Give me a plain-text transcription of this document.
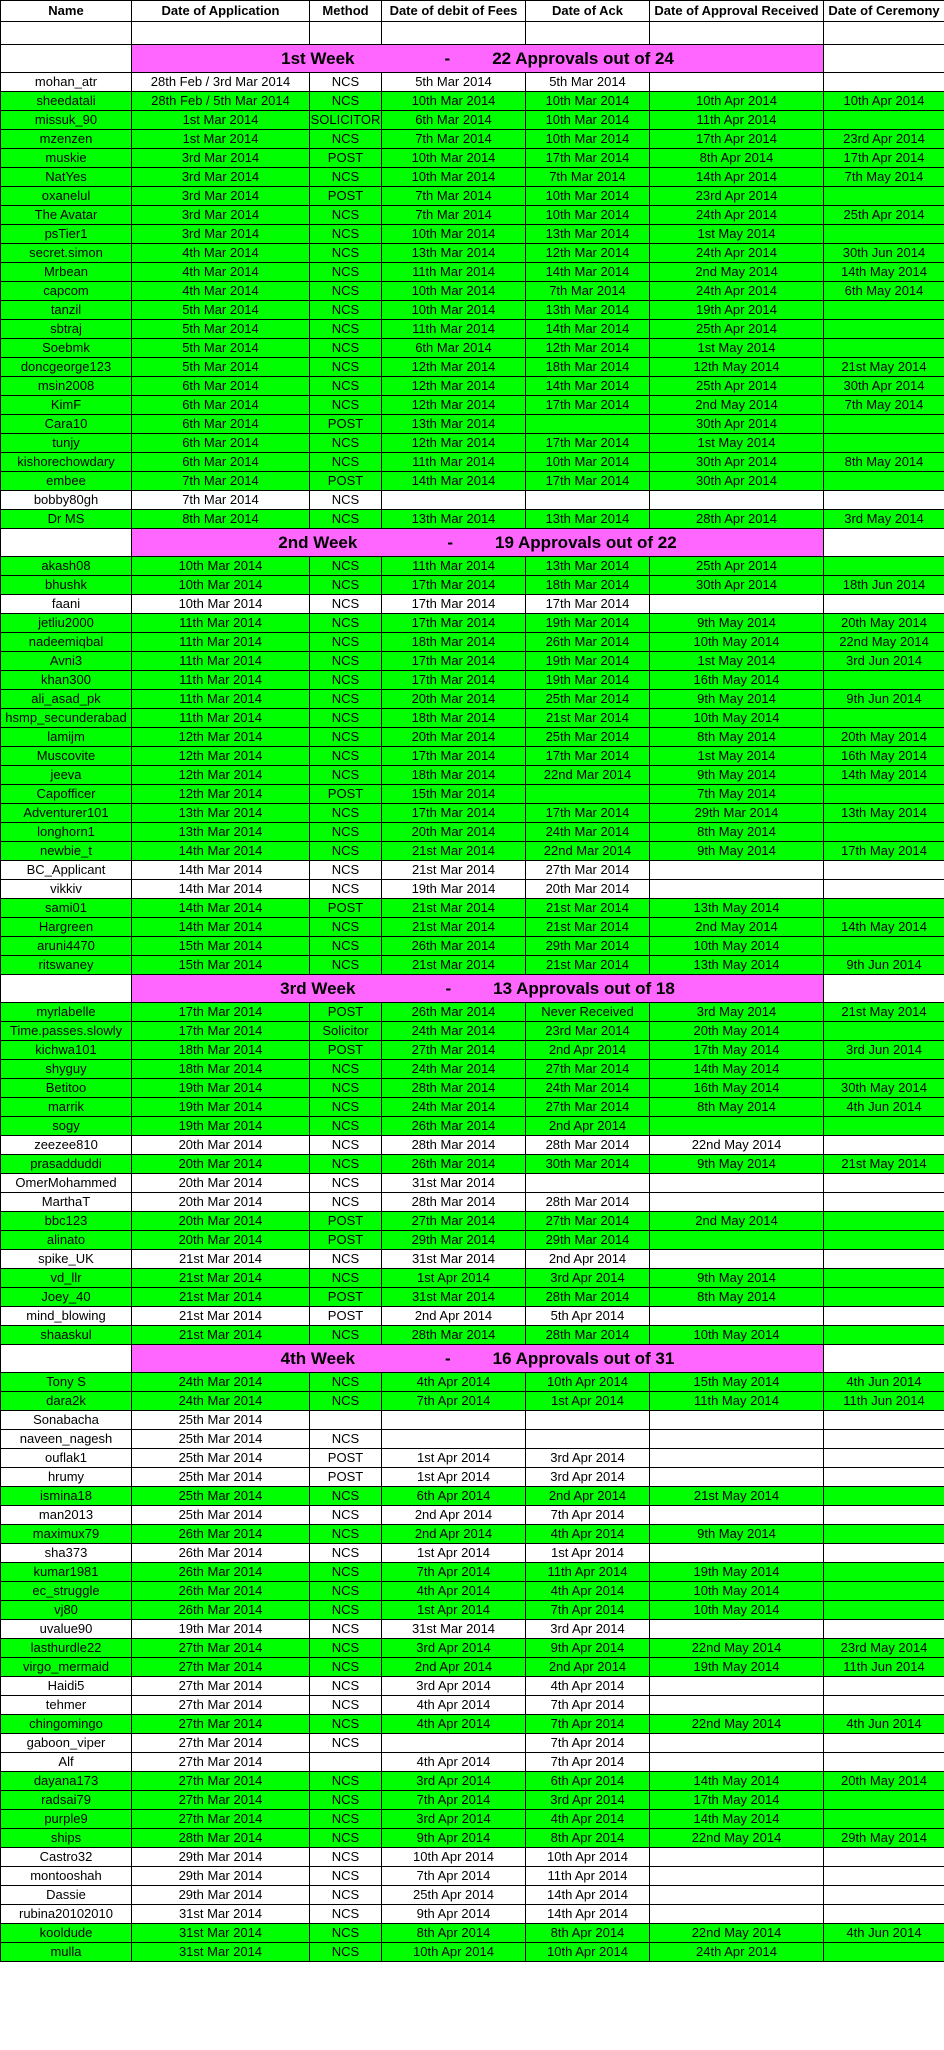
Name	Date of Application	Method	Date of debit of Fees	Date of Ack	Date of Approval Received	Date of Ceremony

	1st Week - 22 Approvals out of 24					
mohan_atr	28th Feb / 3rd Mar 2014	NCS	5th Mar 2014	5th Mar 2014		
sheedatali	28th Feb / 5th Mar 2014	NCS	10th Mar 2014	10th Mar 2014	10th Apr 2014	10th Apr 2014
missuk_90	1st Mar 2014	SOLICITOR	6th Mar 2014	10th Mar 2014	11th Apr 2014	
mzenzen	1st Mar 2014	NCS	7th Mar 2014	10th Mar 2014	17th Apr 2014	23rd Apr 2014
muskie	3rd Mar 2014	POST	10th Mar 2014	17th Mar 2014	8th Apr 2014	17th Apr 2014
NatYes	3rd Mar 2014	NCS	10th Mar 2014	7th Mar 2014	14th Apr 2014	7th May 2014
oxanelul	3rd Mar 2014	POST	7th Mar 2014	10th Mar 2014	23rd Apr 2014	
The Avatar	3rd Mar 2014	NCS	7th Mar 2014	10th Mar 2014	24th Apr 2014	25th Apr 2014
psTier1	3rd Mar 2014	NCS	10th Mar 2014	13th Mar 2014	1st May 2014	
secret.simon	4th Mar 2014	NCS	13th Mar 2014	12th Mar 2014	24th Apr 2014	30th Jun 2014
Mrbean	4th Mar 2014	NCS	11th Mar 2014	14th Mar 2014	2nd May 2014	14th May 2014
capcom	4th Mar 2014	NCS	10th Mar 2014	7th Mar 2014	24th Apr 2014	6th May 2014
tanzil	5th Mar 2014	NCS	10th Mar 2014	13th Mar 2014	19th Apr 2014	
sbtraj	5th Mar 2014	NCS	11th Mar 2014	14th Mar 2014	25th Apr 2014	
Soebmk	5th Mar 2014	NCS	6th Mar 2014	12th Mar 2014	1st May 2014	
doncgeorge123	5th Mar 2014	NCS	12th Mar 2014	18th Mar 2014	12th May 2014	21st May 2014
msin2008	6th Mar 2014	NCS	12th Mar 2014	14th Mar 2014	25th Apr 2014	30th Apr 2014
KimF	6th Mar 2014	NCS	12th Mar 2014	17th Mar 2014	2nd May 2014	7th May 2014
Cara10	6th Mar 2014	POST	13th Mar 2014		30th Apr 2014	
tunjy	6th Mar 2014	NCS	12th Mar 2014	17th Mar 2014	1st May 2014	
kishorechowdary	6th Mar 2014	NCS	11th Mar 2014	10th Mar 2014	30th Apr 2014	8th May 2014
embee	7th Mar 2014	POST	14th Mar 2014	17th Mar 2014	30th Apr 2014	
bobby80gh	7th Mar 2014	NCS				
Dr MS	8th Mar 2014	NCS	13th Mar 2014	13th Mar 2014	28th Apr 2014	3rd May 2014
	2nd Week - 19 Approvals out of 22					
akash08	10th Mar 2014	NCS	11th Mar 2014	13th Mar 2014	25th Apr 2014	
bhushk	10th Mar 2014	NCS	17th Mar 2014	18th Mar 2014	30th Apr 2014	18th Jun 2014
faani	10th Mar 2014	NCS	17th Mar 2014	17th Mar 2014		
jetliu2000	11th Mar 2014	NCS	17th Mar 2014	19th Mar 2014	9th May 2014	20th May 2014
nadeemiqbal	11th Mar 2014	NCS	18th Mar 2014	26th Mar 2014	10th May 2014	22nd May 2014
Avni3	11th Mar 2014	NCS	17th Mar 2014	19th Mar 2014	1st May 2014	3rd Jun 2014
khan300	11th Mar 2014	NCS	17th Mar 2014	19th Mar 2014	16th May 2014	
ali_asad_pk	11th Mar 2014	NCS	20th Mar 2014	25th Mar 2014	9th May 2014	9th Jun 2014
hsmp_secunderabad	11th Mar 2014	NCS	18th Mar 2014	21st Mar 2014	10th May 2014	
lamijm	12th Mar 2014	NCS	20th Mar 2014	25th Mar 2014	8th May 2014	20th May 2014
Muscovite	12th Mar 2014	NCS	17th Mar 2014	17th Mar 2014	1st May 2014	16th May 2014
jeeva	12th Mar 2014	NCS	18th Mar 2014	22nd Mar 2014	9th May 2014	14th May 2014
Capofficer	12th Mar 2014	POST	15th Mar 2014		7th May 2014	
Adventurer101	13th Mar 2014	NCS	17th Mar 2014	17th Mar 2014	29th Mar 2014	13th May 2014
longhorn1	13th Mar 2014	NCS	20th Mar 2014	24th Mar 2014	8th May 2014	
newbie_t	14th Mar 2014	NCS	21st Mar 2014	22nd Mar 2014	9th May 2014	17th May 2014
BC_Applicant	14th Mar 2014	NCS	21st Mar 2014	27th Mar 2014		
vikkiv	14th Mar 2014	NCS	19th Mar 2014	20th Mar 2014		
sami01	14th Mar 2014	POST	21st Mar 2014	21st Mar 2014	13th May 2014	
Hargreen	14th Mar 2014	NCS	21st Mar 2014	21st Mar 2014	2nd May 2014	14th May 2014
aruni4470	15th Mar 2014	NCS	26th Mar 2014	29th Mar 2014	10th May 2014	
ritswaney	15th Mar 2014	NCS	21st Mar 2014	21st Mar 2014	13th May 2014	9th Jun 2014
	3rd Week - 13 Approvals out of 18					
myrlabelle	17th Mar 2014	POST	26th Mar 2014	Never Received	3rd May 2014	21st May 2014
Time.passes.slowly	17th Mar 2014	Solicitor	24th Mar 2014	23rd Mar 2014	20th May 2014	
kichwa101	18th Mar 2014	POST	27th Mar 2014	2nd Apr 2014	17th May 2014	3rd Jun 2014
shyguy	18th Mar 2014	NCS	24th Mar 2014	27th Mar 2014	14th May 2014	
Betitoo	19th Mar 2014	NCS	28th Mar 2014	24th Mar 2014	16th May 2014	30th May 2014
marrik	19th Mar 2014	NCS	24th Mar 2014	27th Mar 2014	8th May 2014	4th Jun 2014
sogy	19th Mar 2014	NCS	26th Mar 2014	2nd Apr 2014		
zeezee810	20th Mar 2014	NCS	28th Mar 2014	28th Mar 2014	22nd May 2014	
prasadduddi	20th Mar 2014	NCS	26th Mar 2014	30th Mar 2014	9th May 2014	21st May 2014
OmerMohammed	20th Mar 2014	NCS	31st Mar 2014			
MarthaT	20th Mar 2014	NCS	28th Mar 2014	28th Mar 2014		
bbc123	20th Mar 2014	POST	27th Mar 2014	27th Mar 2014	2nd May 2014	
alinato	20th Mar 2014	POST	29th Mar 2014	29th Mar 2014		
spike_UK	21st Mar 2014	NCS	31st Mar 2014	2nd Apr 2014		
vd_llr	21st Mar 2014	NCS	1st Apr 2014	3rd Apr 2014	9th May 2014	
Joey_40	21st Mar 2014	POST	31st Mar 2014	28th Mar 2014	8th May 2014	
mind_blowing	21st Mar 2014	POST	2nd Apr 2014	5th Apr 2014		
shaaskul	21st Mar 2014	NCS	28th Mar 2014	28th Mar 2014	10th May 2014	
	4th Week - 16 Approvals out of 31					
Tony S	24th Mar 2014	NCS	4th Apr 2014	10th Apr 2014	15th May 2014	4th Jun 2014
dara2k	24th Mar 2014	NCS	7th Apr 2014	1st Apr 2014	11th May 2014	11th Jun 2014
Sonabacha	25th Mar 2014					
naveen_nagesh	25th Mar 2014	NCS				
ouflak1	25th Mar 2014	POST	1st Apr 2014	3rd Apr 2014		
hrumy	25th Mar 2014	POST	1st Apr 2014	3rd Apr 2014		
ismina18	25th Mar 2014	NCS	6th Apr 2014	2nd Apr 2014	21st May 2014	
man2013	25th Mar 2014	NCS	2nd Apr 2014	7th Apr 2014		
maximux79	26th Mar 2014	NCS	2nd Apr 2014	4th Apr 2014	9th May 2014	
sha373	26th Mar 2014	NCS	1st Apr 2014	1st Apr 2014		
kumar1981	26th Mar 2014	NCS	7th Apr 2014	11th Apr 2014	19th May 2014	
ec_struggle	26th Mar 2014	NCS	4th Apr 2014	4th Apr 2014	10th May 2014	
vj80	26th Mar 2014	NCS	1st Apr 2014	7th Apr 2014	10th May 2014	
uvalue90	19th Mar 2014	NCS	31st Mar 2014	3rd Apr 2014		
lasthurdle22	27th Mar 2014	NCS	3rd Apr 2014	9th Apr 2014	22nd May 2014	23rd May 2014
virgo_mermaid	27th Mar 2014	NCS	2nd Apr 2014	2nd Apr 2014	19th May 2014	11th Jun 2014
Haidi5	27th Mar 2014	NCS	3rd Apr 2014	4th Apr 2014		
tehmer	27th Mar 2014	NCS	4th Apr 2014	7th Apr 2014		
chingomingo	27th Mar 2014	NCS	4th Apr 2014	7th Apr 2014	22nd May 2014	4th Jun 2014
gaboon_viper	27th Mar 2014	NCS		7th Apr 2014		
Alf	27th Mar 2014		4th Apr 2014	7th Apr 2014		
dayana173	27th Mar 2014	NCS	3rd Apr 2014	6th Apr 2014	14th May 2014	20th May 2014
radsai79	27th Mar 2014	NCS	7th Apr 2014	3rd Apr 2014	17th May 2014	
purple9	27th Mar 2014	NCS	3rd Apr 2014	4th Apr 2014	14th May 2014	
ships	28th Mar 2014	NCS	9th Apr 2014	8th Apr 2014	22nd May 2014	29th May 2014
Castro32	29th Mar 2014	NCS	10th Apr 2014	10th Apr 2014		
montooshah	29th Mar 2014	NCS	7th Apr 2014	11th Apr 2014		
Dassie	29th Mar 2014	NCS	25th Apr 2014	14th Apr 2014		
rubina20102010	31st Mar 2014	NCS	9th Apr 2014	14th Apr 2014		
kooldude	31st Mar 2014	NCS	8th Apr 2014	8th Apr 2014	22nd May 2014	4th Jun 2014
mulla	31st Mar 2014	NCS	10th Apr 2014	10th Apr 2014	24th Apr 2014	
